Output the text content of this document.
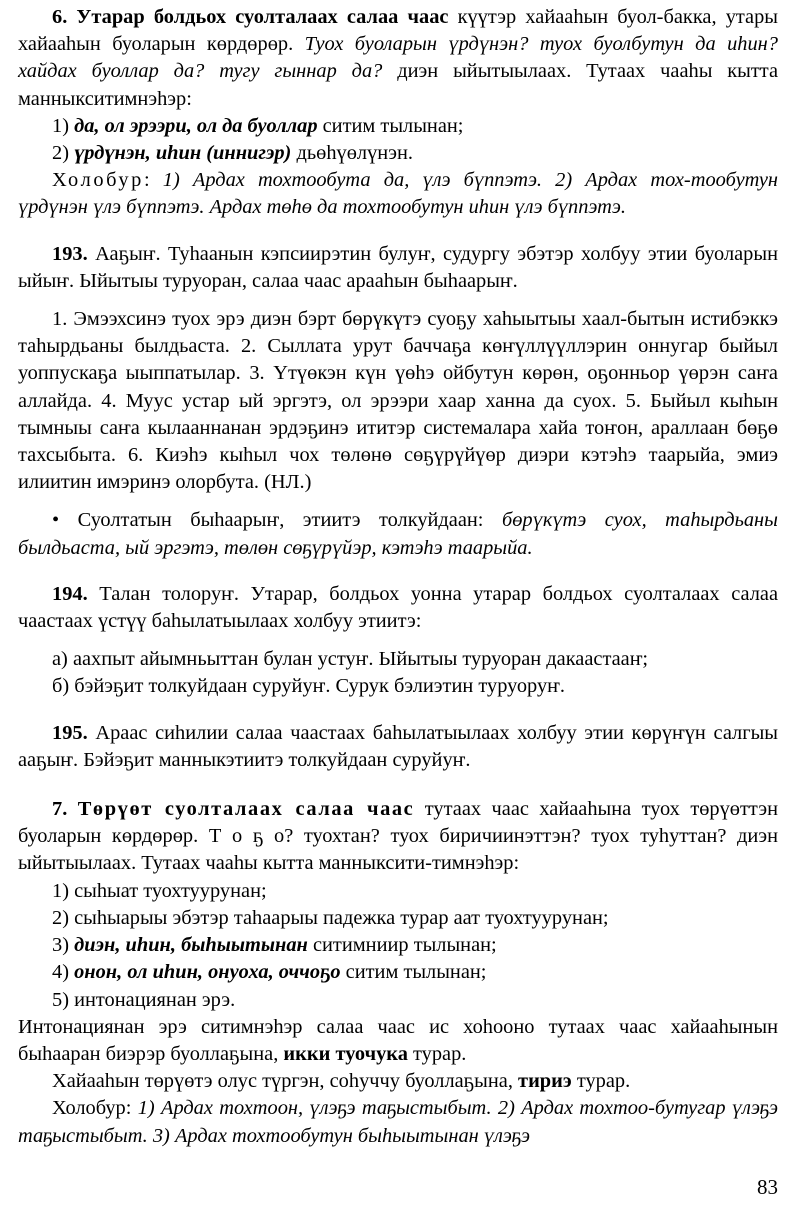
6. Утарар болдьох суолталаах салаа чаас күүтэр хайааһын буол-бакка, утары хайааһын буоларын көрдөрөр. Туох буоларын үрдүнэн? туох буолбутун да иһин? хайдах буоллар да? тугу гыннар да? диэн ыйытыылаах. Тутаах чааһы кытта манныкситимнэһэр:

1) да, ол эрээри, ол да буоллар ситим тылынан;

2) үрдүнэн, иһин (иннигэр) дьөһүөлүнэн.

Холобур: 1) Ардах тохтообута да, үлэ бүппэтэ. 2) Ардах тох-тообутун үрдүнэн үлэ бүппэтэ. Ардах төһө да тохтообутун иһин үлэ бүппэтэ.

193. Ааҕыҥ. Туһаанын кэпсиирэтин булуҥ, судургу эбэтэр холбуу этии буоларын ыйыҥ. Ыйытыы туруоран, салаа чаас арааһын быһаарыҥ.

1. Эмээхсинэ туох эрэ диэн бэрт бөрүкүтэ суоҕу хаһыытыы хаал-бытын истибэккэ таһырдьаны былдьаста. 2. Сыллата урут баччаҕа көҥүллүүллэрин оннугар быйыл уоппускаҕа ыыппатылар. 3. Үтүөкэн күн үөһэ ойбутун көрөн, оҕонньор үөрэн саҥа аллайда. 4. Муус устар ый эргэтэ, ол эрээри хаар ханна да суох. 5. Быйыл кыһын тымныы саҥа кылааннанан эрдэҕинэ ититэр системалара хайа тоҥон, араллаан бөҕө тахсыбыта. 6. Киэһэ кыһыл чох төлөнө сөҕүрүйүөр диэри кэтэһэ таарыйа, эмиэ илиитин имэринэ олорбута. (НЛ.)

• Суолтатын быһаарыҥ, этиитэ толкуйдаан: бөрүкүтэ суох, таһырдьаны былдьаста, ый эргэтэ, төлөн сөҕүрүйэр, кэтэһэ таарыйа.

194. Талан толоруҥ. Утарар, болдьох уонна утарар болдьох суолталаах салаа чаастаах үстүү баһылатыылаах холбуу этиитэ:

а) аахпыт айымньыттан булан устуҥ. Ыйытыы туруоран дакаастааҥ;

б) бэйэҕит толкуйдаан суруйуҥ. Сурук бэлиэтин туруоруҥ.

195. Араас сиһилии салаа чаастаах баһылатыылаах холбуу этии көрүҥүн салгыы ааҕыҥ. Бэйэҕит манныкэтиитэ толкуйдаан суруйуҥ.

7. Төрүөт суолталаах салаа чаас тутаах чаас хайааһына туох төрүөттэн буоларын көрдөрөр. Т о ҕ о? туохтан? туох биричиинэттэн? туох туһуттан? диэн ыйытыылаах. Тутаах чааһы кытта манныксити-тимнэһэр:

1) сыһыат туохтуурунан;

2) сыһыарыы эбэтэр таһаарыы падежка турар аат туохтуурунан;

3) диэн, иһин, быһыытынан ситимниир тылынан;

4) онон, ол иһин, онуоха, оччоҕо ситим тылынан;

5) интонациянан эрэ.

Интонациянан эрэ ситимнэһэр салаа чаас ис хоһооно тутаах чаас хайааһынын быһааран биэрэр буоллаҕына, икки туочука турар.

Хайааһын төрүөтэ олус түргэн, соһуччу буоллаҕына, тириэ турар.

Холобур: 1) Ардах тохтоон, үлэҕэ таҕыстыбыт. 2) Ардах тохтоо-бутугар үлэҕэ таҕыстыбыт. 3) Ардах тохтообутун быһыытынан үлэҕэ

83
